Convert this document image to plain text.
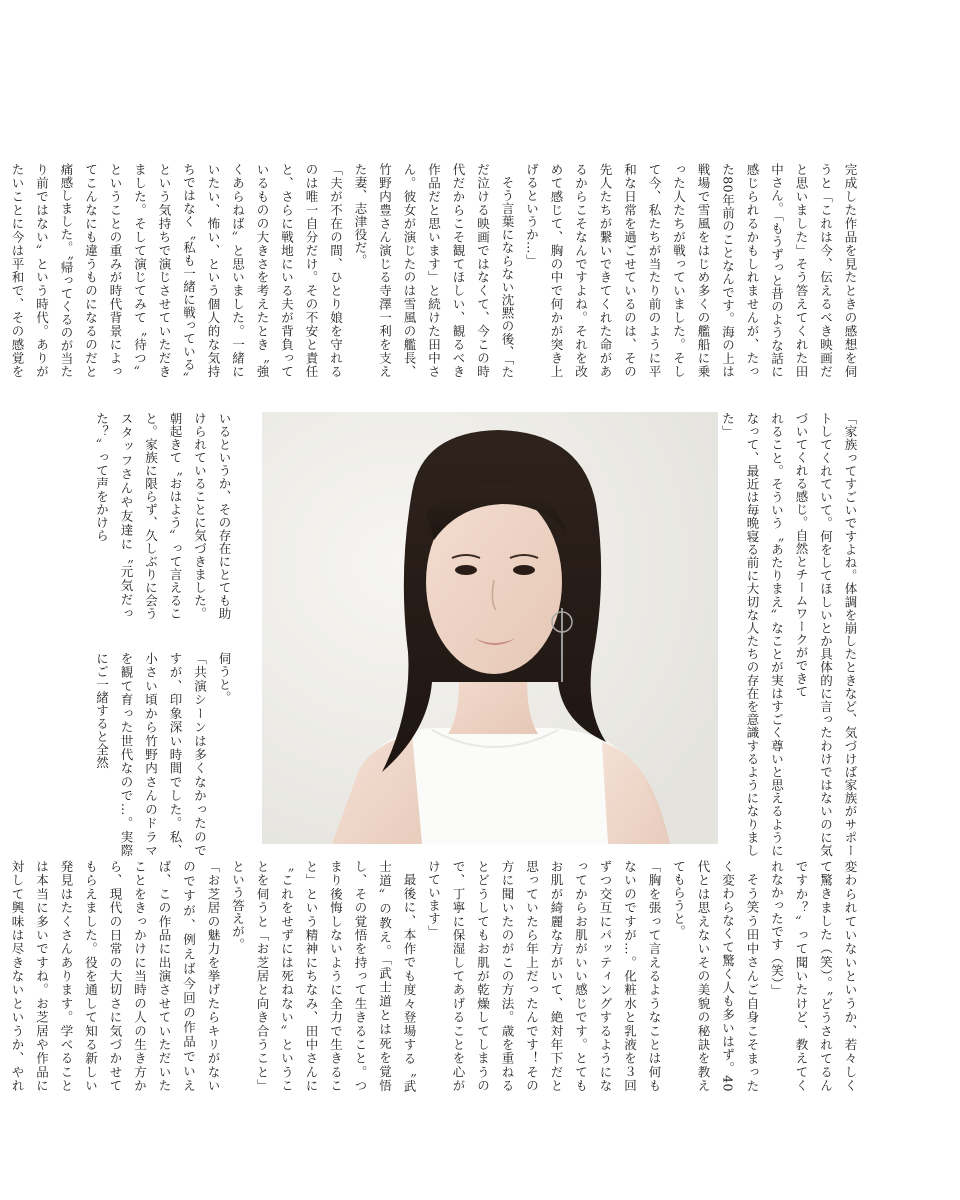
完成した作品を見たときの感想を伺うと「これは今、伝えるべき映画だと思いました」そう答えてくれた田中さん。「もうずっと昔のような話に感じられるかもしれませんが、たった80年前のことなんです。海の上は戦場で雪風をはじめ多くの艦船に乗った人たちが戦っていました。そして今、私たちが当たり前のように平和な日常を過ごせているのは、その先人たちが繋いできてくれた命があるからこそなんですよね。それを改めて感じて、胸の中で何かが突き上げるというか…」

そう言葉にならない沈黙の後、「ただ泣ける映画ではなくて、今この時代だからこそ観てほしい、観るべき作品だと思います」と続けた田中さん。彼女が演じたのは雪風の艦長、竹野内豊さん演じる寺澤一利を支えた妻、志津役だ。

「夫が不在の間、ひとり娘を守れるのは唯一自分だけ。その不安と責任と、さらに戦地にいる夫が背負っているものの大きさを考えたとき〝強くあらねば〟と思いました。一緒にいたい、怖い、という個人的な気持ちではなく〝私も一緒に戦っている〟という気持ちで演じさせていただきました。そして演じてみて〝待つ〟ということの重みが時代背景によってこんなにも違うものになるのだと痛感しました。〝帰ってくるのが当たり前ではない〟という時代。ありがたいことに今は平和で、その感覚を

「家族ってすごいですよね。体調を崩したときなど、気づけば家族がサポートしてくれていて。何をしてほしいとか具体的に言ったわけではないのに気づいてくれる感じ。自然とチームワークができて

れること。そういう〝あたりまえ〟なことが実はすごく尊いと思えるようになって、最近は毎晩寝る前に大切な人たちの存在を意識するようになりました」

いるというか、その存在にとても助けられていることに気づきました。朝起きて〝おはよう〟って言えること。家族に限らず、久しぶりに会うスタッフさんや友達に〝元気だった？〟って声をかけら

伺うと。

「共演シーンは多くなかったのですが、印象深い時間でした。私、小さい頃から竹野内さんのドラマを観て育った世代なので…。実際にご一緒すると全然

変わられていないというか、若々しくて驚きました（笑）。〝どうされてるんですか？〟って聞いたけど、教えてくれなかったです（笑）」

そう笑う田中さんご自身こそまったく変わらなくて驚く人も多いはず。40代とは思えないその美貌の秘訣を教えてもらうと。

「胸を張って言えるようなことは何もないのですが…。化粧水と乳液を３回ずつ交互にパッティングするようになってからお肌がいい感じです。とてもお肌が綺麗な方がいて、絶対年下だと思っていたら年上だったんです！その方に聞いたのがこの方法。歳を重ねるとどうしてもお肌が乾燥してしまうので、丁寧に保湿してあげることを心がけています」

最後に、本作でも度々登場する〝武士道〟の教え。「武士道とは死を覚悟し、その覚悟を持って生きること。つまり後悔しないように全力で生きること」という精神にちなみ、田中さんに〝これをせずには死ねない〟ということを伺うと「お芝居と向き合うこと」という答えが。

「お芝居の魅力を挙げたらキリがないのですが、例えば今回の作品でいえば、この作品に出演させていただいたことをきっかけに当時の人の生き方から、現代の日常の大切さに気づかせてもらえました。役を通して知る新しい発見はたくさんあります。学べることは本当に多いですね。お芝居や作品に対して興味は尽きないというか、やれ
